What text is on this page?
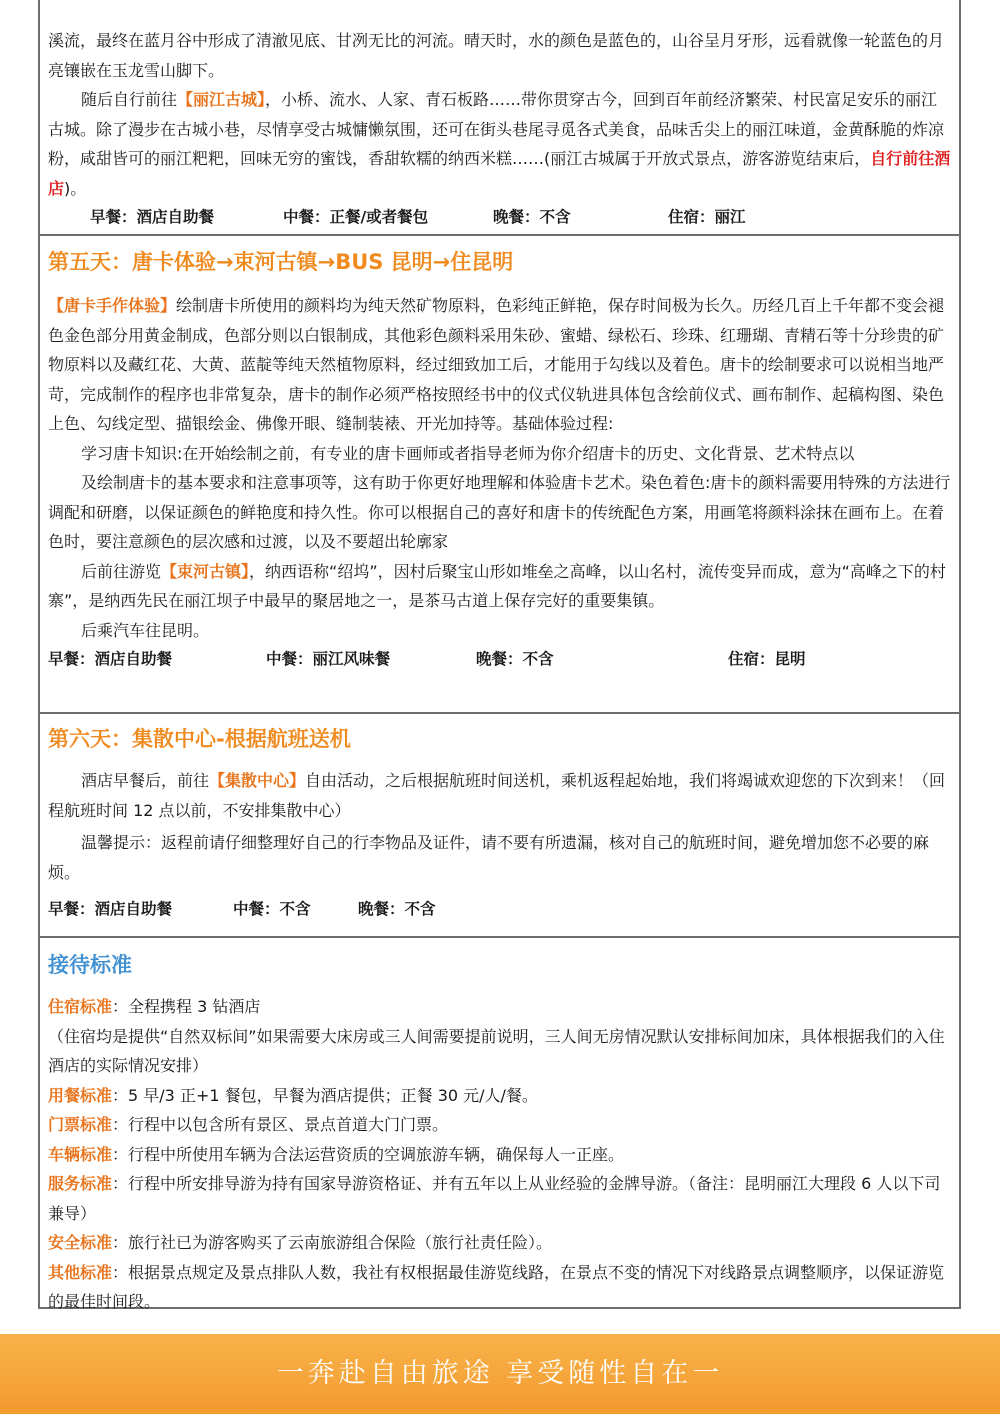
溪流，最终在蓝月谷中形成了清澈见底、甘冽无比的河流。晴天时，水的颜色是蓝色的，山谷呈月牙形，远看就像一轮蓝色的月亮镶嵌在玉龙雪山脚下。

随后自行前往【丽江古城】，小桥、流水、人家、青石板路……带你贯穿古今，回到百年前经济繁荣、村民富足安乐的丽江古城。除了漫步在古城小巷，尽情享受古城慵懒氛围，还可在街头巷尾寻觅各式美食，品味舌尖上的丽江味道，金黄酥脆的炸凉粉，咸甜皆可的丽江粑粑，回味无穷的蜜饯，香甜软糯的纳西米糕……(丽江古城属于开放式景点，游客游览结束后，自行前往酒店)。

早餐：酒店自助餐	中餐：正餐/或者餐包	晚餐：不含	住宿：丽江
第五天：唐卡体验→束河古镇→BUS 昆明→住昆明

【唐卡手作体验】绘制唐卡所使用的颜料均为纯天然矿物原料，色彩纯正鲜艳，保存时间极为长久。历经几百上千年都不变会褪色金色部分用黄金制成，色部分则以白银制成，其他彩色颜料采用朱砂、蜜蜡、绿松石、珍珠、红珊瑚、青精石等十分珍贵的矿物原料以及藏红花、大黄、蓝靛等纯天然植物原料，经过细致加工后，才能用于勾线以及着色。唐卡的绘制要求可以说相当地严苛，完成制作的程序也非常复杂，唐卡的制作必须严格按照经书中的仪式仪轨进具体包含绘前仪式、画布制作、起稿构图、染色上色、勾线定型、描银绘金、佛像开眼、缝制装裱、开光加持等。基础体验过程:

学习唐卡知识:在开始绘制之前，有专业的唐卡画师或者指导老师为你介绍唐卡的历史、文化背景、艺术特点以

及绘制唐卡的基本要求和注意事项等，这有助于你更好地理解和体验唐卡艺术。染色着色:唐卡的颜料需要用特殊的方法进行调配和研磨，以保证颜色的鲜艳度和持久性。你可以根据自己的喜好和唐卡的传统配色方案，用画笔将颜料涂抹在画布上。在着色时，要注意颜色的层次感和过渡，以及不要超出轮廓家

后前往游览【束河古镇】，纳西语称“绍坞”，因村后聚宝山形如堆垒之高峰，以山名村，流传变异而成，意为“高峰之下的村寨”，是纳西先民在丽江坝子中最早的聚居地之一，是茶马古道上保存完好的重要集镇。

后乘汽车往昆明。

早餐：酒店自助餐	中餐：丽江风味餐	晚餐：不含	住宿：昆明
第六天：集散中心-根据航班送机

酒店早餐后，前往【集散中心】自由活动，之后根据航班时间送机，乘机返程起始地，我们将竭诚欢迎您的下次到来！（回程航班时间 12 点以前，不安排集散中心）

温馨提示：返程前请仔细整理好自己的行李物品及证件，请不要有所遗漏，核对自己的航班时间，避免增加您不必要的麻烦。

早餐：酒店自助餐	中餐：不含	晚餐：不含
接待标准

住宿标准：全程携程 3 钻酒店

（住宿均是提供“自然双标间”如果需要大床房或三人间需要提前说明，三人间无房情况默认安排标间加床，具体根据我们的入住酒店的实际情况安排）

用餐标准：5 早/3 正+1 餐包，早餐为酒店提供；正餐 30 元/人/餐。

门票标准：行程中以包含所有景区、景点首道大门门票。

车辆标准：行程中所使用车辆为合法运营资质的空调旅游车辆，确保每人一正座。

服务标准：行程中所安排导游为持有国家导游资格证、并有五年以上从业经验的金牌导游。（备注：昆明丽江大理段 6 人以下司兼导）

安全标准：旅行社已为游客购买了云南旅游组合保险（旅行社责任险）。

其他标准：根据景点规定及景点排队人数，我社有权根据最佳游览线路，在景点不变的情况下对线路景点调整顺序，以保证游览的最佳时间段。

一奔赴自由旅途 享受随性自在一
